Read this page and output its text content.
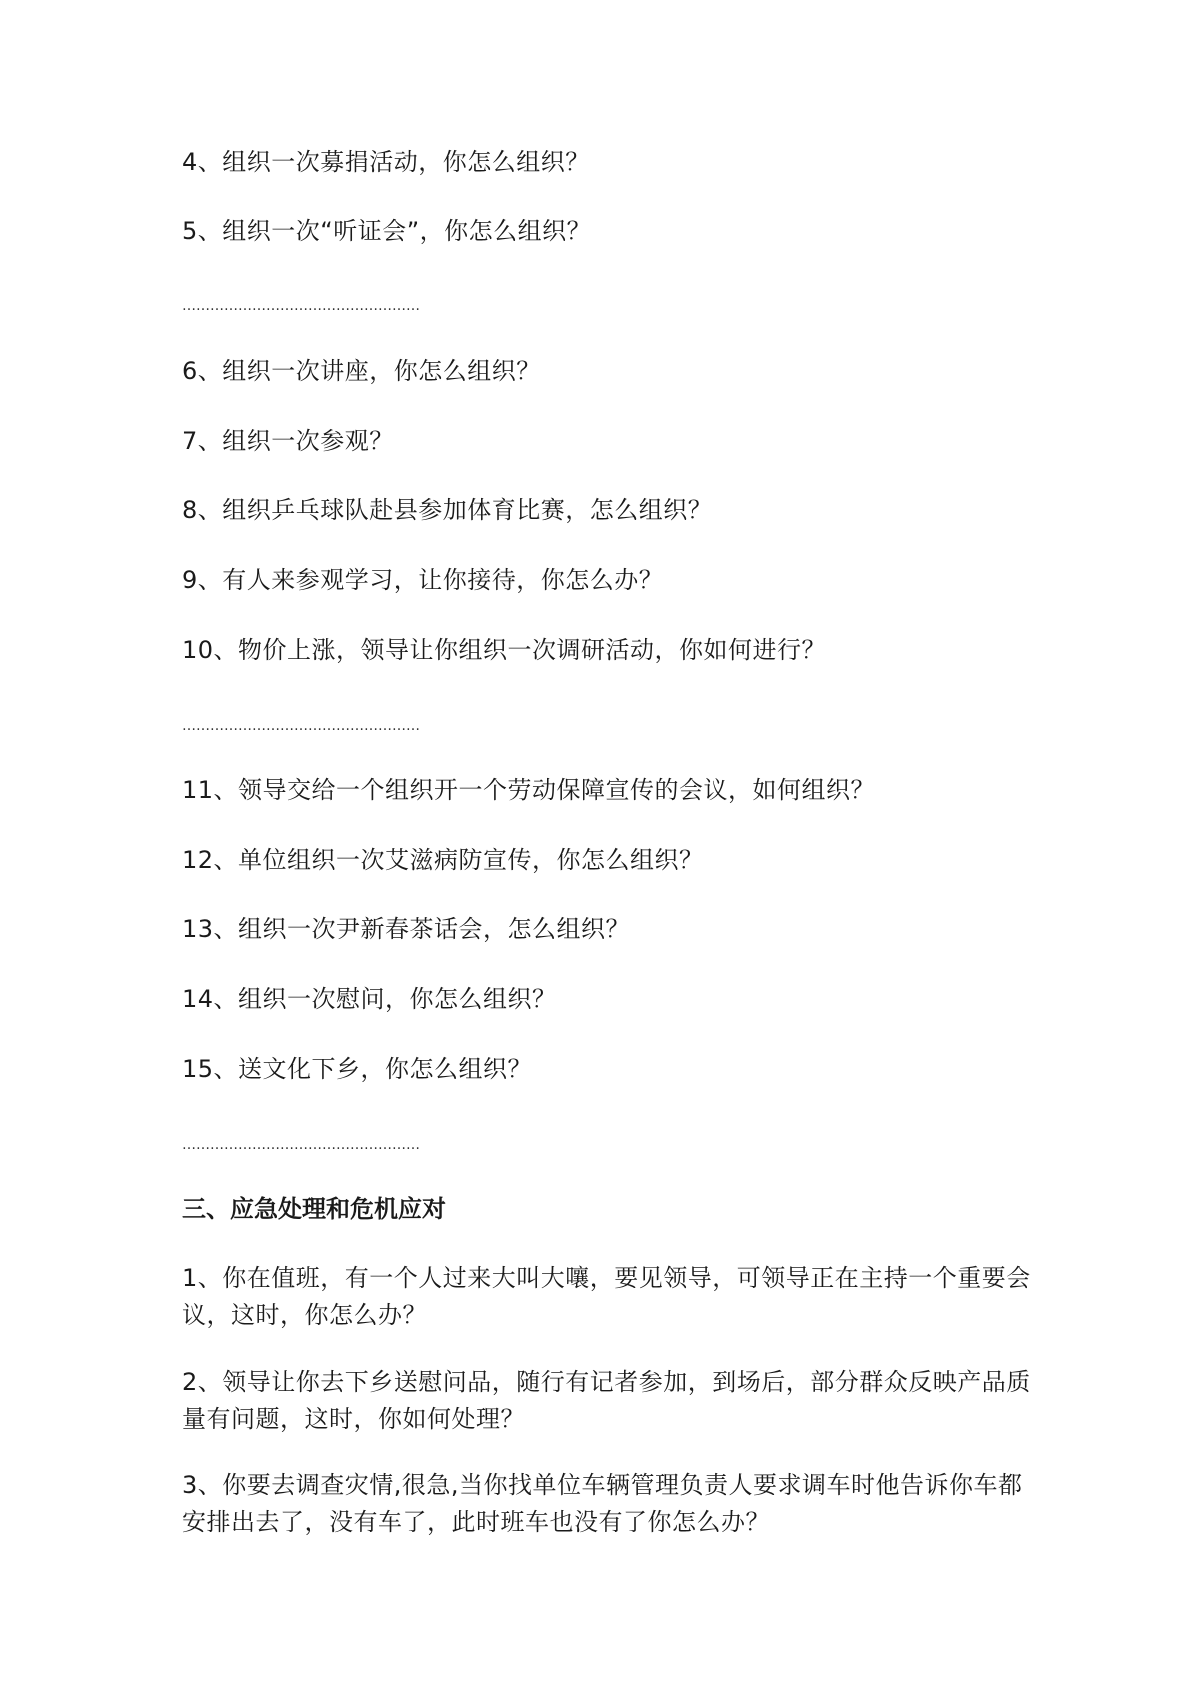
4、组织一次募捐活动，你怎么组织？

5、组织一次“听证会”，你怎么组织？

……………………………………………

6、组织一次讲座，你怎么组织？

7、组织一次参观？

8、组织乒乓球队赴县参加体育比赛，怎么组织？

9、有人来参观学习，让你接待，你怎么办？

10、物价上涨，领导让你组织一次调研活动，你如何进行？

……………………………………………

11、领导交给一个组织开一个劳动保障宣传的会议，如何组织？

12、单位组织一次艾滋病防宣传，你怎么组织？

13、组织一次尹新春茶话会，怎么组织？

14、组织一次慰问，你怎么组织？

15、送文化下乡，你怎么组织？

……………………………………………

三、应急处理和危机应对

1、你在值班，有一个人过来大叫大嚷，要见领导，可领导正在主持一个重要会议，这时，你怎么办？

2、领导让你去下乡送慰问品，随行有记者参加，到场后，部分群众反映产品质量有问题，这时，你如何处理？

3、你要去调查灾情,很急,当你找单位车辆管理负责人要求调车时他告诉你车都安排出去了，没有车了，此时班车也没有了你怎么办？
